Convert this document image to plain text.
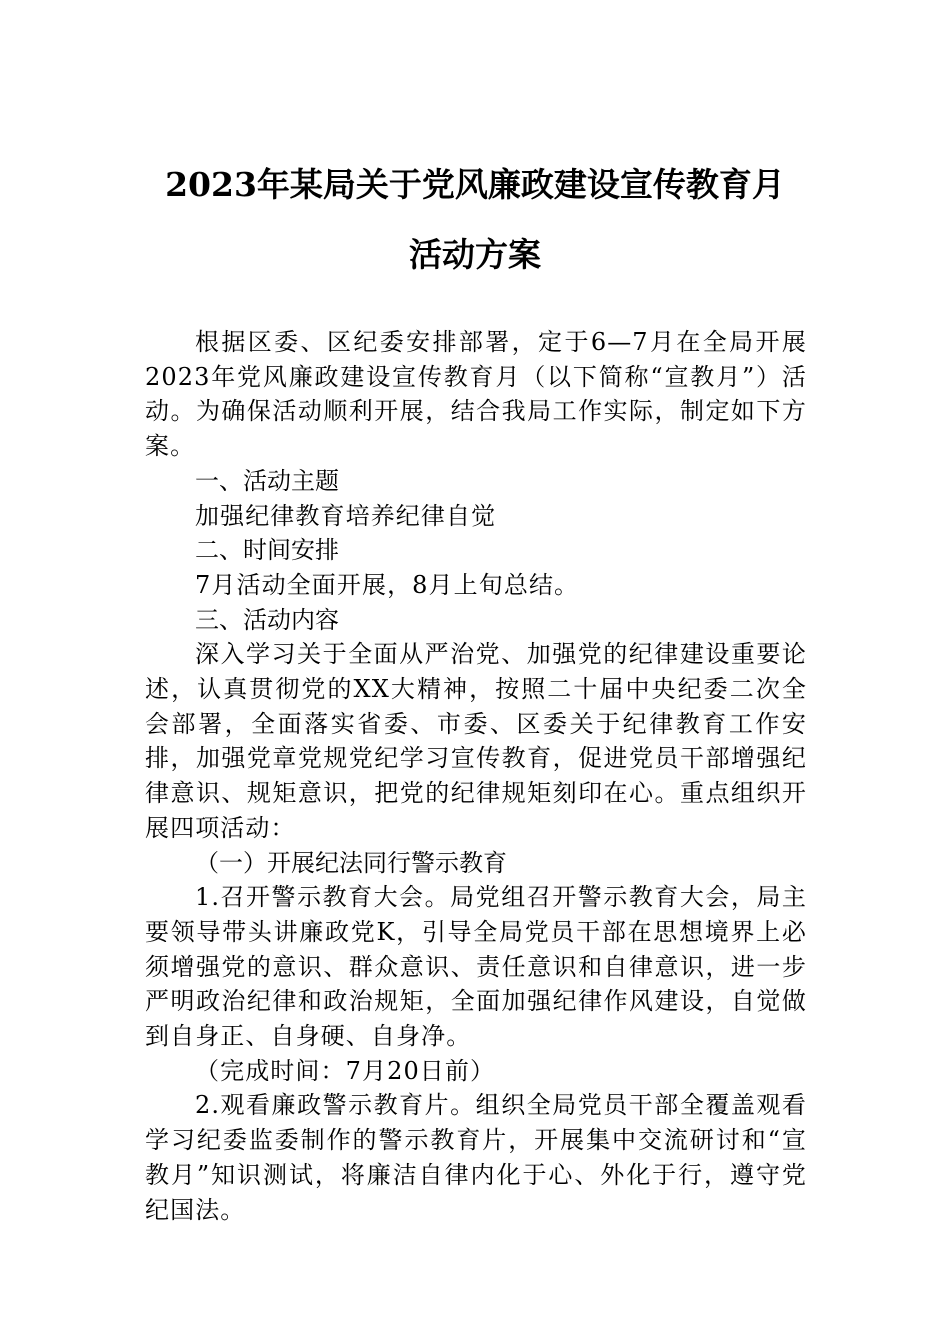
2023年某局关于党风廉政建设宣传教育月
活动方案

根据区委、区纪委安排部署，定于6—7月在全局开展2023年党风廉政建设宣传教育月（以下简称“宣教月”）活动。为确保活动顺利开展，结合我局工作实际，制定如下方案。

一、活动主题

加强纪律教育培养纪律自觉

二、时间安排

7月活动全面开展，8月上旬总结。

三、活动内容

深入学习关于全面从严治党、加强党的纪律建设重要论述，认真贯彻党的XX大精神，按照二十届中央纪委二次全会部署，全面落实省委、市委、区委关于纪律教育工作安排，加强党章党规党纪学习宣传教育，促进党员干部增强纪律意识、规矩意识，把党的纪律规矩刻印在心。重点组织开展四项活动：

（一）开展纪法同行警示教育

1.召开警示教育大会。局党组召开警示教育大会，局主要领导带头讲廉政党K，引导全局党员干部在思想境界上必须增强党的意识、群众意识、责任意识和自律意识，进一步严明政治纪律和政治规矩，全面加强纪律作风建设，自觉做到自身正、自身硬、自身净。

（完成时间：7月20日前）

2.观看廉政警示教育片。组织全局党员干部全覆盖观看学习纪委监委制作的警示教育片，开展集中交流研讨和“宣教月”知识测试，将廉洁自律内化于心、外化于行，遵守党纪国法。
